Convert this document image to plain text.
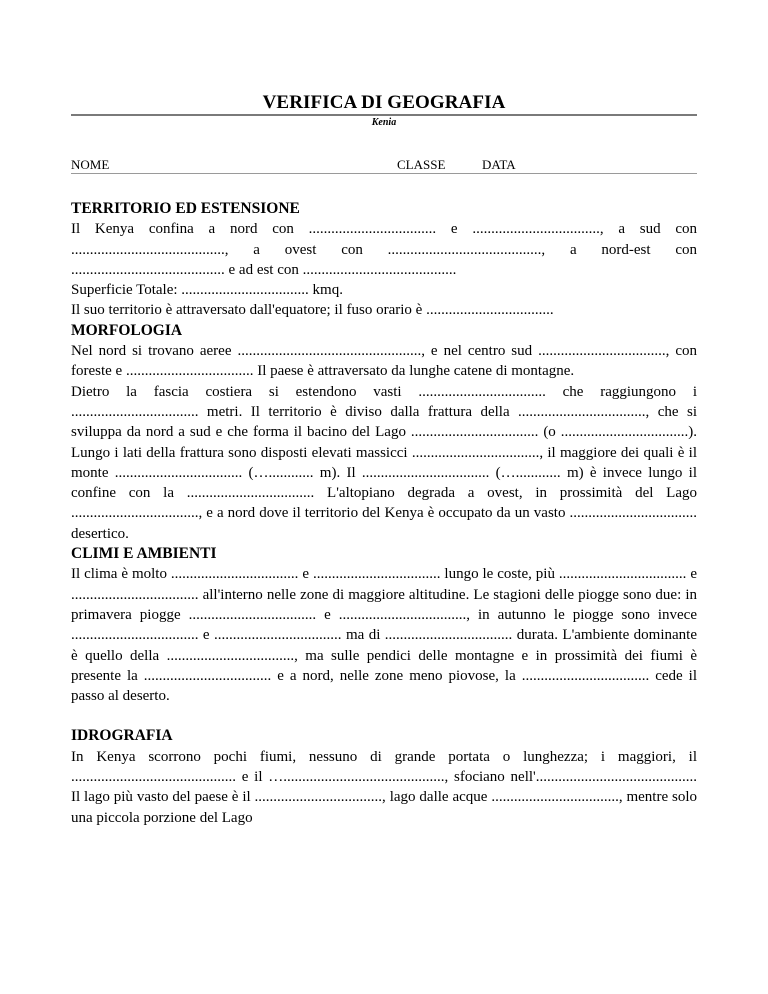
VERIFICA DI GEOGRAFIA
Kenia
NOME	CLASSE	DATA
TERRITORIO ED ESTENSIONE

Il Kenya confina a nord con .................................. e .................................., a sud con ........................................., a ovest con ........................................., a nord-est con ......................................... e ad est con .........................................

Superficie Totale: .................................. kmq.

Il suo territorio è attraversato dall'equatore; il fuso orario è ..................................

MORFOLOGIA

Nel nord si trovano aeree ................................................., e nel centro sud .................................., con foreste e .................................. Il paese è attraversato da lunghe catene di montagne.

Dietro la fascia costiera si estendono vasti .................................. che raggiungono i .................................. metri. Il territorio è diviso dalla frattura della .................................., che si sviluppa da nord a sud e che forma il bacino del Lago .................................. (o ..................................). Lungo i lati della frattura sono disposti elevati massicci .................................., il maggiore dei quali è il monte .................................. (…............ m). Il .................................. (…............ m) è invece lungo il confine con la .................................. L'altopiano degrada a ovest, in prossimità del Lago .................................., e a nord dove il territorio del Kenya è occupato da un vasto .................................. desertico.

CLIMI E AMBIENTI

Il clima è molto .................................. e .................................. lungo le coste, più .................................. e .................................. all'interno nelle zone di maggiore altitudine. Le stagioni delle piogge sono due: in primavera piogge .................................. e .................................., in autunno le piogge sono invece .................................. e .................................. ma di .................................. durata. L'ambiente dominante è quello della .................................., ma sulle pendici delle montagne e in prossimità dei fiumi è presente la .................................. e a nord, nelle zone meno piovose, la .................................. cede il passo al deserto.

IDROGRAFIA

In Kenya scorrono pochi fiumi, nessuno di grande portata o lunghezza; i maggiori, il ............................................ e il …..........................................., sfociano nell'........................................... Il lago più vasto del paese è il .................................., lago dalle acque .................................., mentre solo una piccola porzione del Lago
